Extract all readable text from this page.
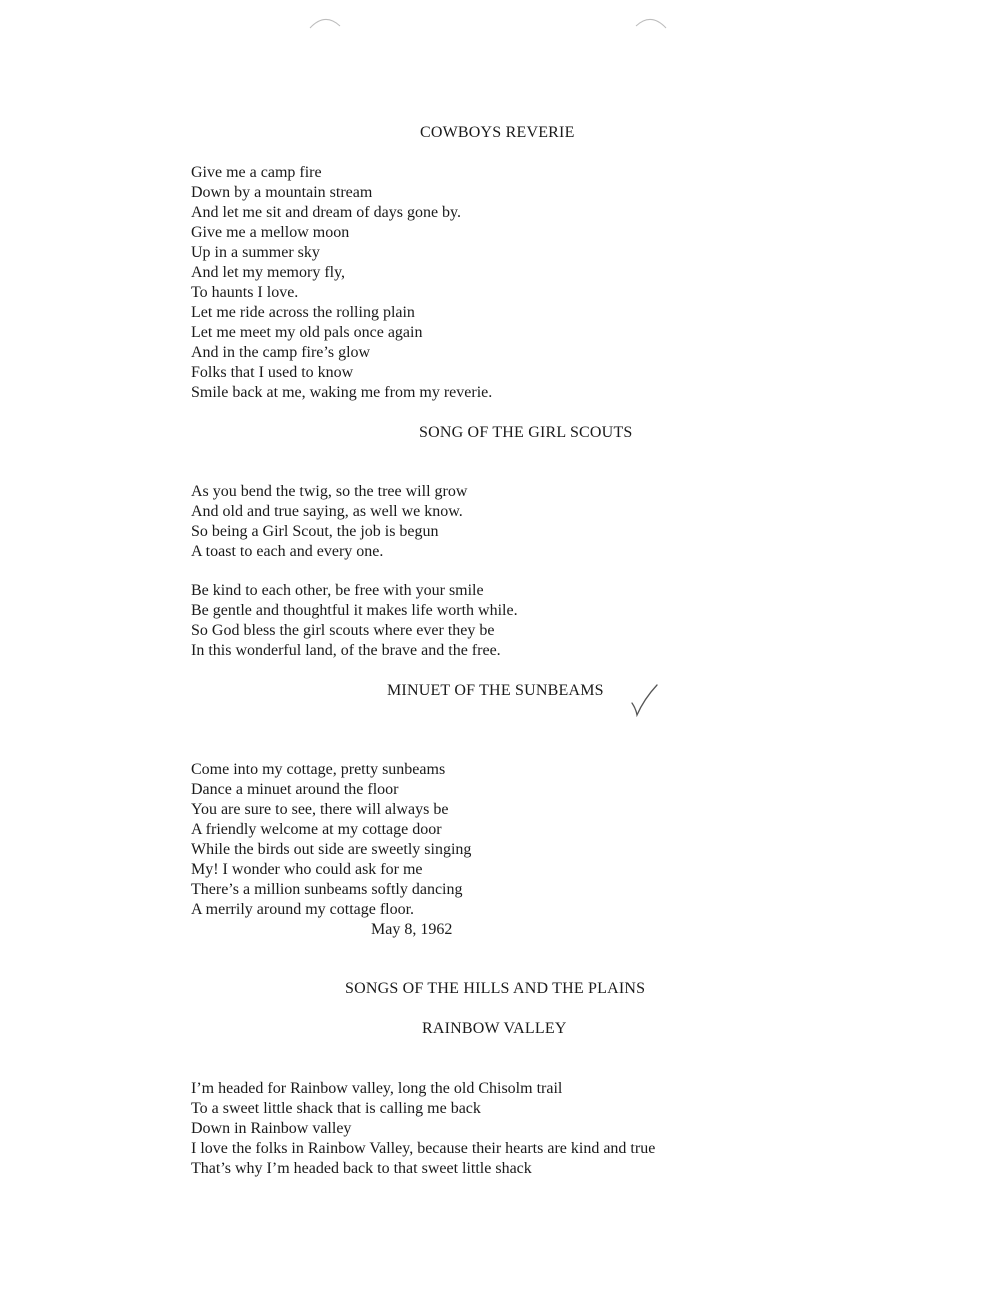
COWBOYS REVERIE
Give me a camp fire
Down by a mountain stream
And let me sit and dream of days gone by.
Give me a mellow moon
Up in a summer sky
And let my memory fly,
To haunts I love.
Let me ride across the rolling plain
Let me meet my old pals once again
And in the camp fire’s glow
Folks that I used to know
Smile back at me, waking me from my reverie.
SONG OF THE GIRL SCOUTS
As you bend the twig, so the tree will grow
And old and true saying, as well we know.
So being a Girl Scout, the job is begun
A toast to each and every one.
Be kind to each other, be free with your smile
Be gentle and thoughtful it makes life worth while.
So God bless the girl scouts where ever they be
In this wonderful land, of the brave and the free.
MINUET OF THE SUNBEAMS
Come into my cottage, pretty sunbeams
Dance a minuet around the floor
You are sure to see, there will always be
A friendly welcome at my cottage door
While the birds out side are sweetly singing
My! I wonder who could ask for me
There’s a million sunbeams softly dancing
A merrily around my cottage floor.
May 8, 1962
SONGS OF THE HILLS AND THE PLAINS
RAINBOW VALLEY
I’m headed for Rainbow valley, long the old Chisolm trail
To a sweet little shack that is calling me back
Down in Rainbow valley
I love the folks in Rainbow Valley, because their hearts are kind and true
That’s why I’m headed back to that sweet little shack
